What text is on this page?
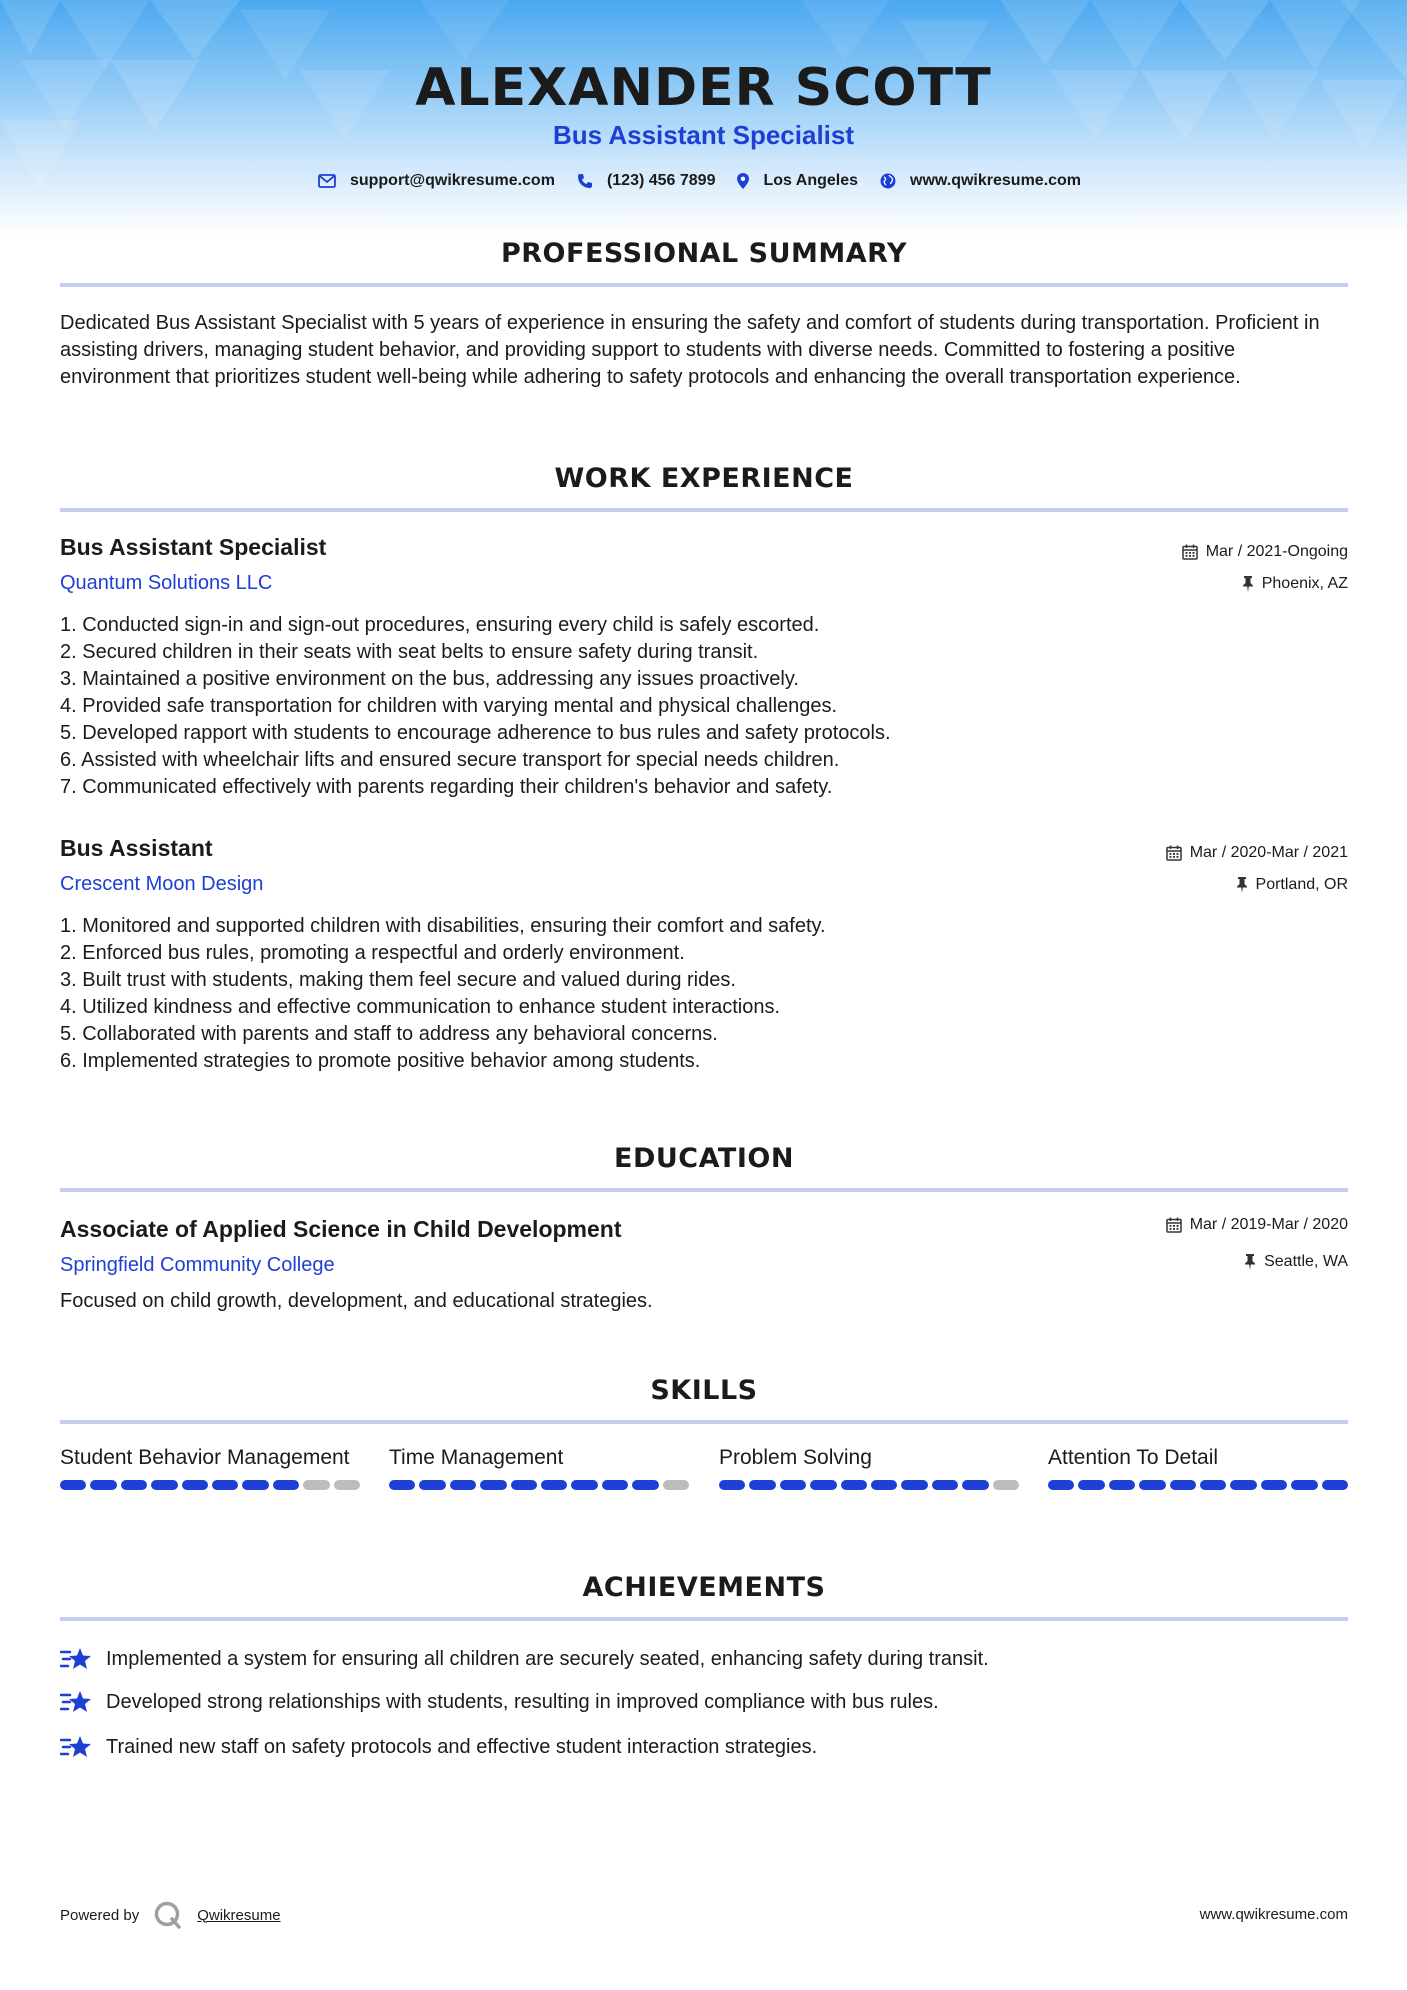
ALEXANDER SCOTT
Bus Assistant Specialist
support@qwikresume.com	(123) 456 7899	Los Angeles	www.qwikresume.com
PROFESSIONAL SUMMARY
Dedicated Bus Assistant Specialist with 5 years of experience in ensuring the safety and comfort of students during transportation. Proficient in assisting drivers, managing student behavior, and providing support to students with diverse needs. Committed to fostering a positive environment that prioritizes student well-being while adhering to safety protocols and enhancing the overall transportation experience.
WORK EXPERIENCE
Bus Assistant Specialist
Quantum Solutions LLC
Mar / 2021-Ongoing
Phoenix, AZ
1. Conducted sign-in and sign-out procedures, ensuring every child is safely escorted.
2. Secured children in their seats with seat belts to ensure safety during transit.
3. Maintained a positive environment on the bus, addressing any issues proactively.
4. Provided safe transportation for children with varying mental and physical challenges.
5. Developed rapport with students to encourage adherence to bus rules and safety protocols.
6. Assisted with wheelchair lifts and ensured secure transport for special needs children.
7. Communicated effectively with parents regarding their children's behavior and safety.
Bus Assistant
Crescent Moon Design
Mar / 2020-Mar / 2021
Portland, OR
1. Monitored and supported children with disabilities, ensuring their comfort and safety.
2. Enforced bus rules, promoting a respectful and orderly environment.
3. Built trust with students, making them feel secure and valued during rides.
4. Utilized kindness and effective communication to enhance student interactions.
5. Collaborated with parents and staff to address any behavioral concerns.
6. Implemented strategies to promote positive behavior among students.
EDUCATION
Associate of Applied Science in Child Development
Springfield Community College
Mar / 2019-Mar / 2020
Seattle, WA
Focused on child growth, development, and educational strategies.
SKILLS
Student Behavior Management	Time Management	Problem Solving	Attention To Detail
ACHIEVEMENTS
Implemented a system for ensuring all children are securely seated, enhancing safety during transit.
Developed strong relationships with students, resulting in improved compliance with bus rules.
Trained new staff on safety protocols and effective student interaction strategies.
Powered by	Qwikresume	www.qwikresume.com
